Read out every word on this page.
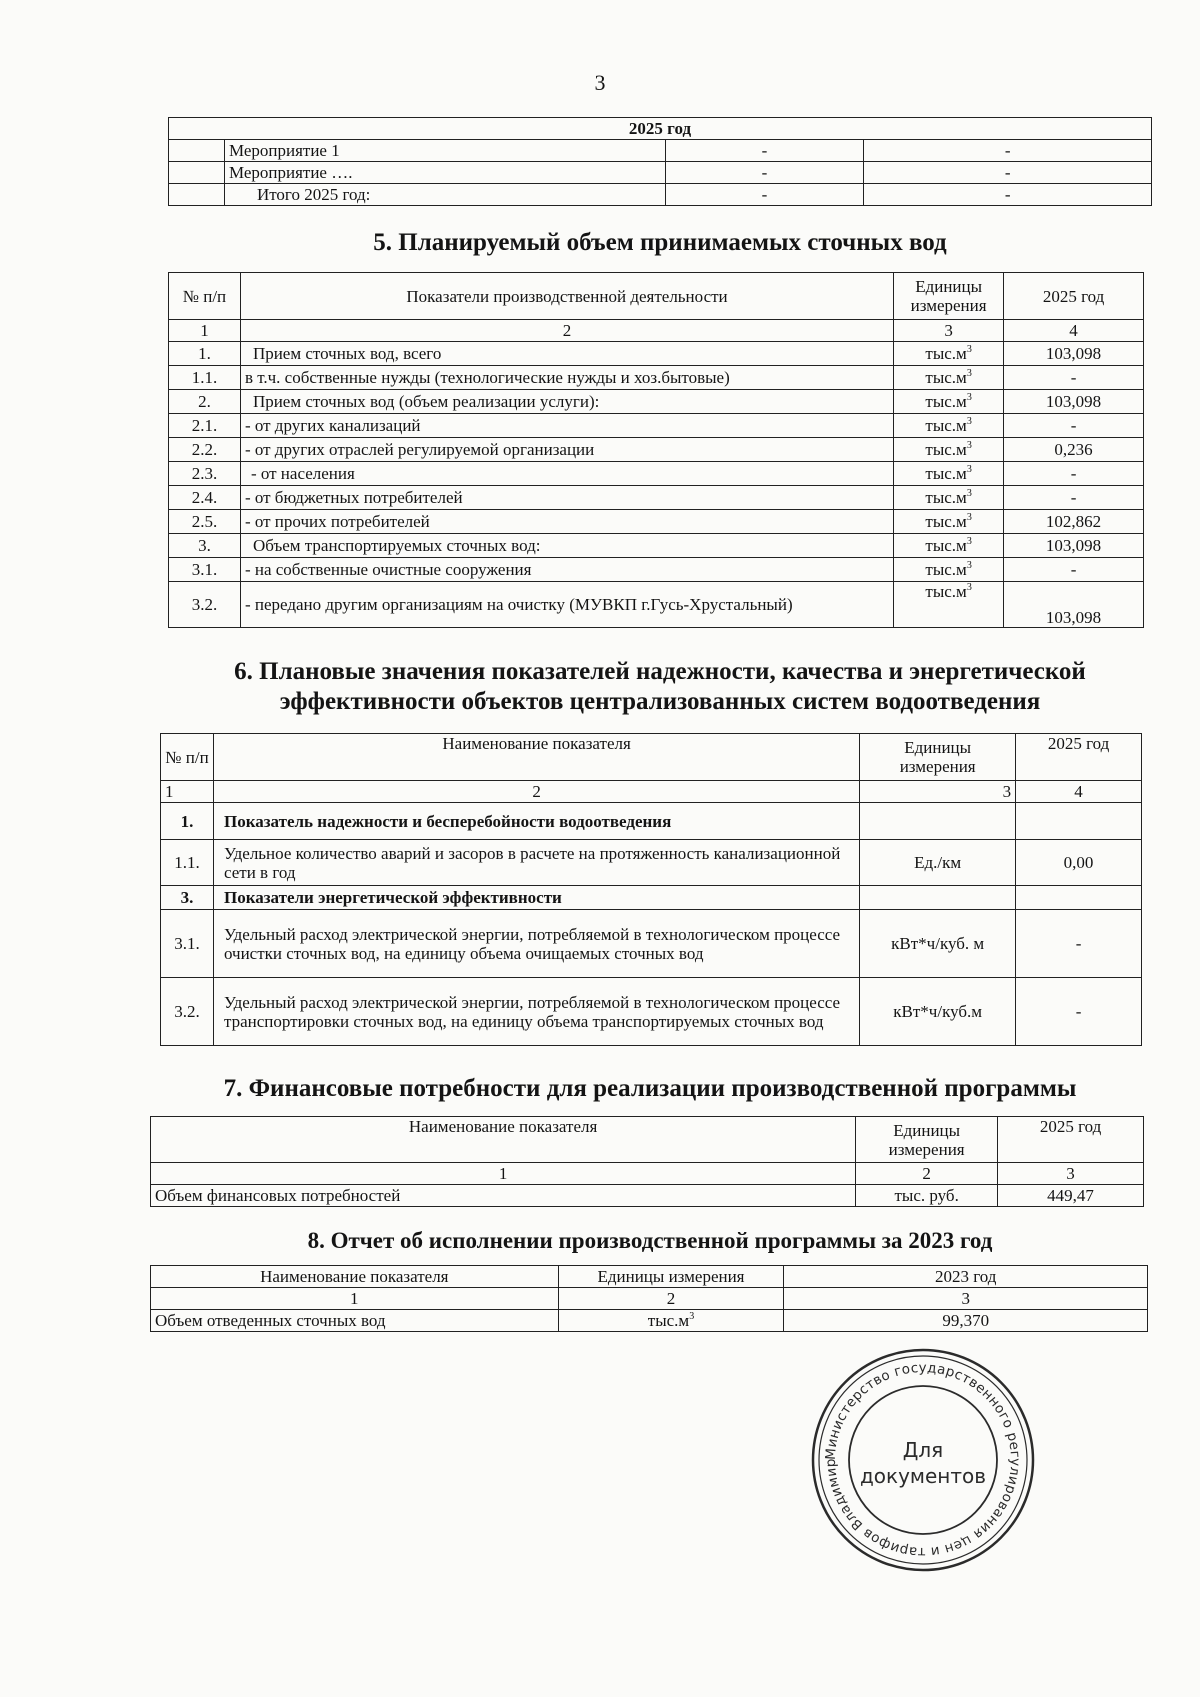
3
2025 год			
	Мероприятие 1	-	-
	Мероприятие ….	-	-
	Итого 2025 год:	-	-
5. Планируемый объем принимаемых сточных вод
№ п/п	Показатели производственной деятельности	Единицы измерения	2025 год
1	2	3	4
1.	Прием сточных вод, всего	$тыс.м^3$	103,098
1.1.	в т.ч. собственные нужды (технологические нужды и хоз.бытовые)	$тыс.м^3$	-
2.	Прием сточных вод (объем реализации услуги):	$тыс.м^3$	103,098
2.1.	- от других канализаций	$тыс.м^3$	-
2.2.	- от других отраслей регулируемой организации	$тыс.м^3$	0,236
2.3.	- от населения	$тыс.м^3$	-
2.4.	- от бюджетных потребителей	$тыс.м^3$	-
2.5.	- от прочих потребителей	$тыс.м^3$	102,862
3.	Объем транспортируемых сточных вод:	$тыс.м^3$	103,098
3.1.	- на собственные очистные сооружения	$тыс.м^3$	-
3.2.	- передано другим организациям на очистку (МУВКП г.Гусь-Хрустальный)	$тыс.м^3$	103,098
6. Плановые значения показателей надежности, качества и энергетической
эффективности объектов централизованных систем водоотведения
№ п/п	Наименование показателя	Единицы измерения	2025 год
1	2	3	4
1.	Показатель надежности и бесперебойности водоотведения		
1.1.	Удельное количество аварий и засоров в расчете на протяженность канализационной сети в год	Ед./км	0,00
3.	Показатели энергетической эффективности		
3.1.	Удельный расход электрической энергии, потребляемой в технологическом процессе очистки сточных вод, на единицу объема очищаемых сточных вод	кВт*ч/куб. м	-
3.2.	Удельный расход электрической энергии, потребляемой в технологическом процессе транспортировки сточных вод, на единицу объема транспортируемых сточных вод	кВт*ч/куб.м	-
7. Финансовые потребности для реализации производственной программы
Наименование показателя	Единицы измерения	2025 год
1	2	3
Объем финансовых потребностей	тыс. руб.	449,47
8. Отчет об исполнении производственной программы за 2023 год
Наименование показателя	Единицы измерения	2023 год
1	2	3
Объем отведенных сточных вод	$тыс.м^3$	99,370
Министерство государственного регулирования цен и тарифов Владимир
Для
документов
